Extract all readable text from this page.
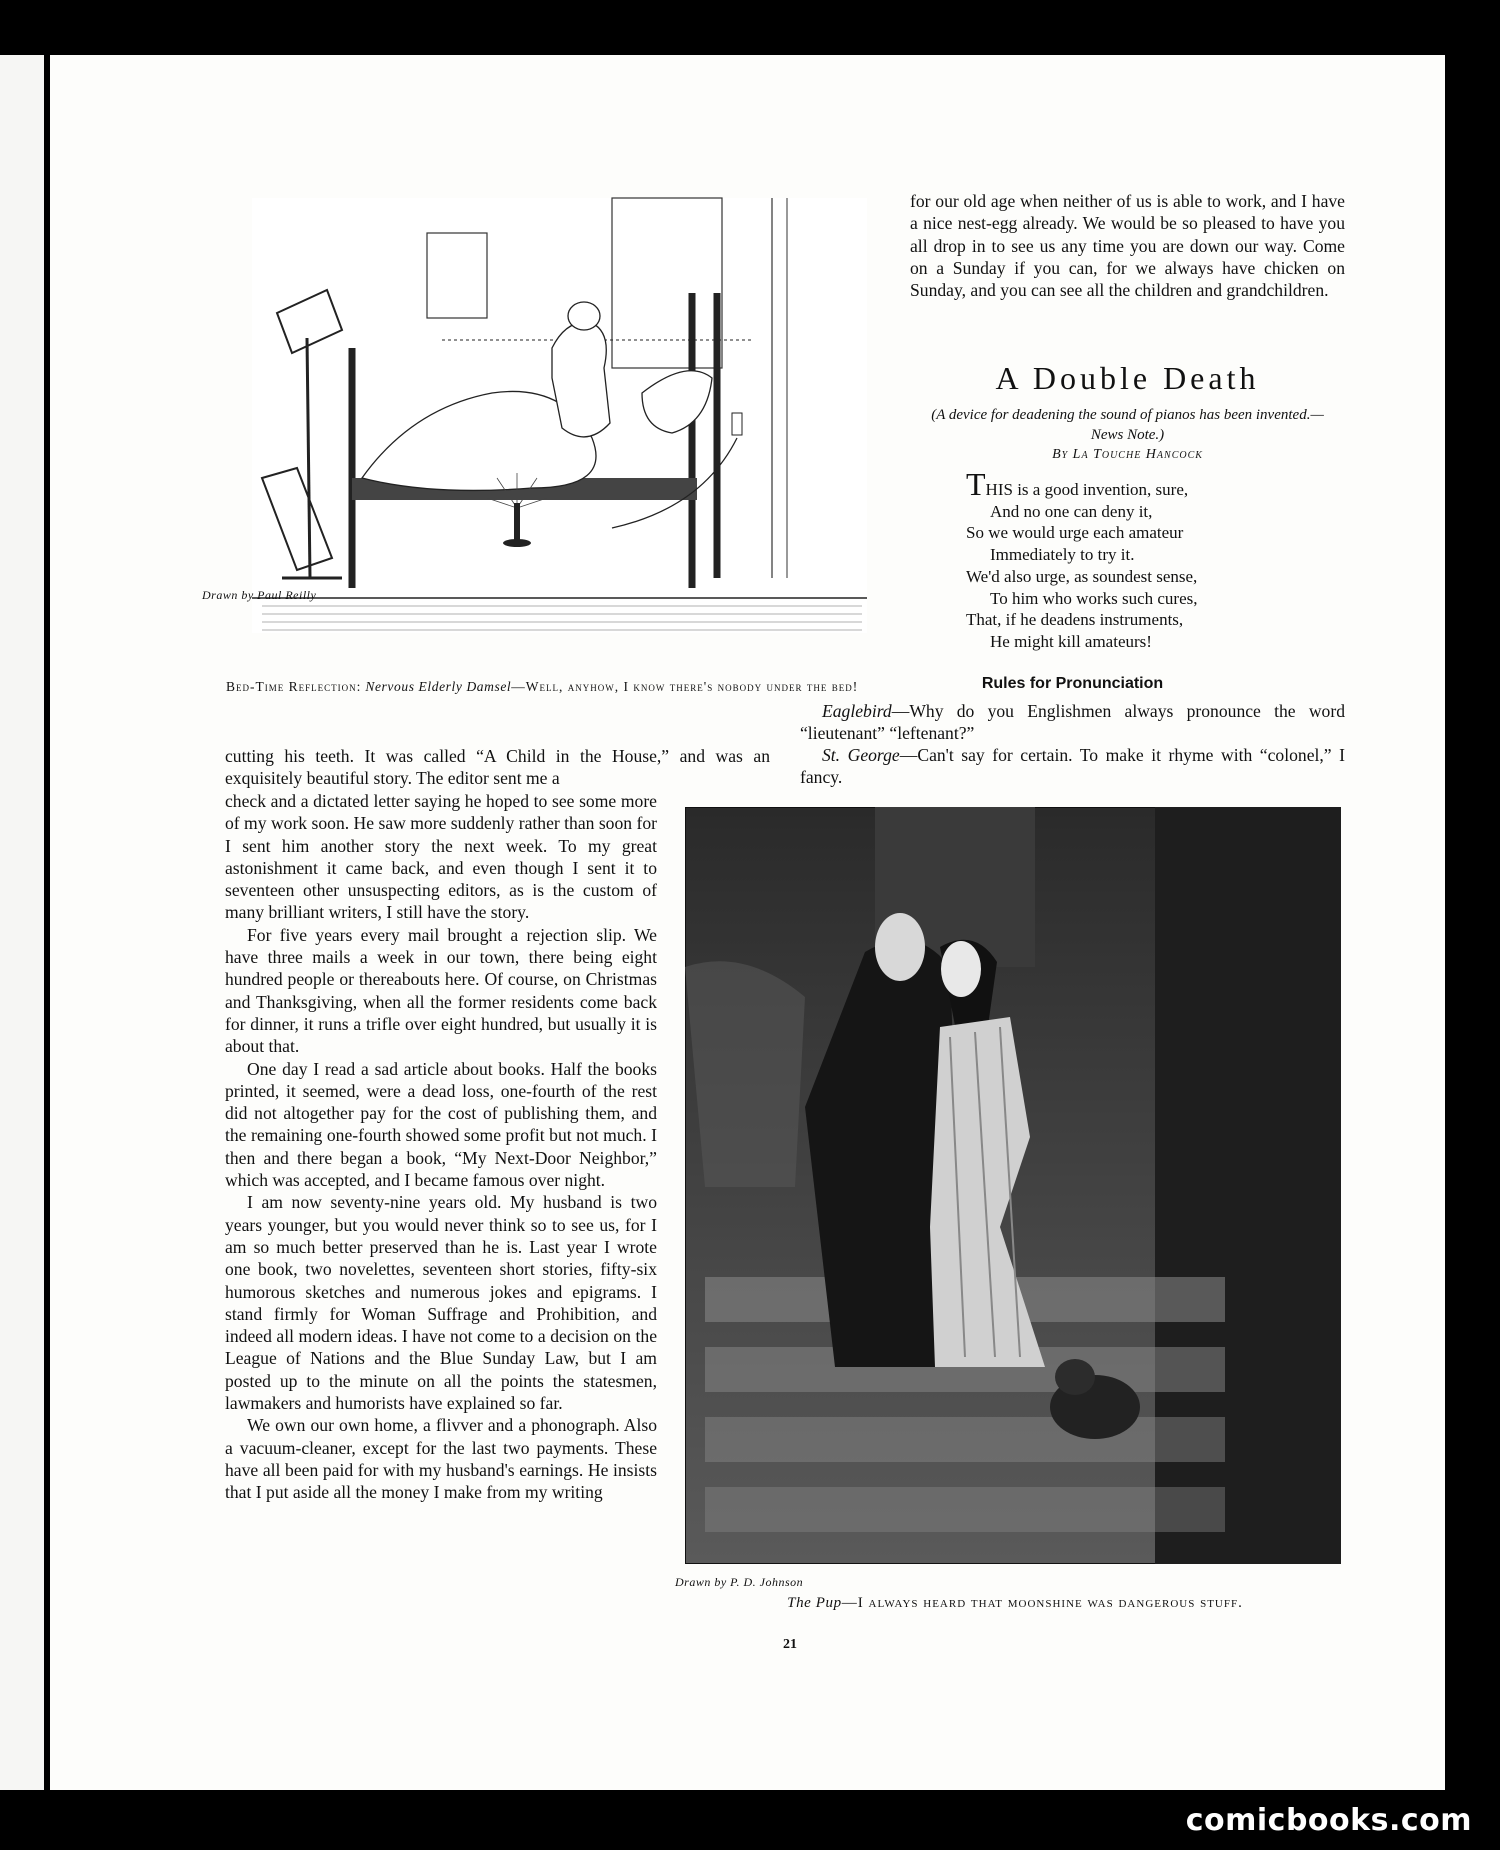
Drawn by Paul Reilly
Bed-Time Reflection: Nervous Elderly Damsel—Well, anyhow, I know there's nobody under the bed!

for our old age when neither of us is able to work, and I have a nice nest-egg already. We would be so pleased to have you all drop in to see us any time you are down our way. Come on a Sunday if you can, for we always have chicken on Sunday, and you can see all the children and grandchildren.

A Double Death
(A device for deadening the sound of pianos has been invented.—News Note.)
By La Touche Hancock

THIS is a good invention, sure,

And no one can deny it,

So we would urge each amateur

Immediately to try it.

We'd also urge, as soundest sense,

To him who works such cures,

That, if he deadens instruments,

He might kill amateurs!

Rules for Pronunciation

Eaglebird—Why do you Englishmen always pronounce the word “lieutenant” “leftenant?”

St. George—Can't say for certain. To make it rhyme with “colonel,” I fancy.

cutting his teeth. It was called “A Child in the House,” and was an exquisitely beautiful story. The editor sent me a

check and a dictated letter saying he hoped to see some more of my work soon. He saw more suddenly rather than soon for I sent him another story the next week. To my great astonishment it came back, and even though I sent it to seventeen other unsuspecting editors, as is the custom of many brilliant writers, I still have the story.

For five years every mail brought a rejection slip. We have three mails a week in our town, there being eight hundred people or thereabouts here. Of course, on Christmas and Thanksgiving, when all the former residents come back for dinner, it runs a trifle over eight hundred, but usually it is about that.

One day I read a sad article about books. Half the books printed, it seemed, were a dead loss, one-fourth of the rest did not altogether pay for the cost of publishing them, and the remaining one-fourth showed some profit but not much. I then and there began a book, “My Next-Door Neighbor,” which was accepted, and I became famous over night.

I am now seventy-nine years old. My husband is two years younger, but you would never think so to see us, for I am so much better preserved than he is. Last year I wrote one book, two novelettes, seventeen short stories, fifty-six humorous sketches and numerous jokes and epigrams. I stand firmly for Woman Suffrage and Prohibition, and indeed all modern ideas. I have not come to a decision on the League of Nations and the Blue Sunday Law, but I am posted up to the minute on all the points the statesmen, lawmakers and humorists have explained so far.

We own our own home, a flivver and a phonograph. Also a vacuum-cleaner, except for the last two payments. These have all been paid for with my husband's earnings. He insists that I put aside all the money I make from my writing

Drawn by P. D. Johnson
The Pup—I always heard that moonshine was dangerous stuff.
21
comicbooks.com
